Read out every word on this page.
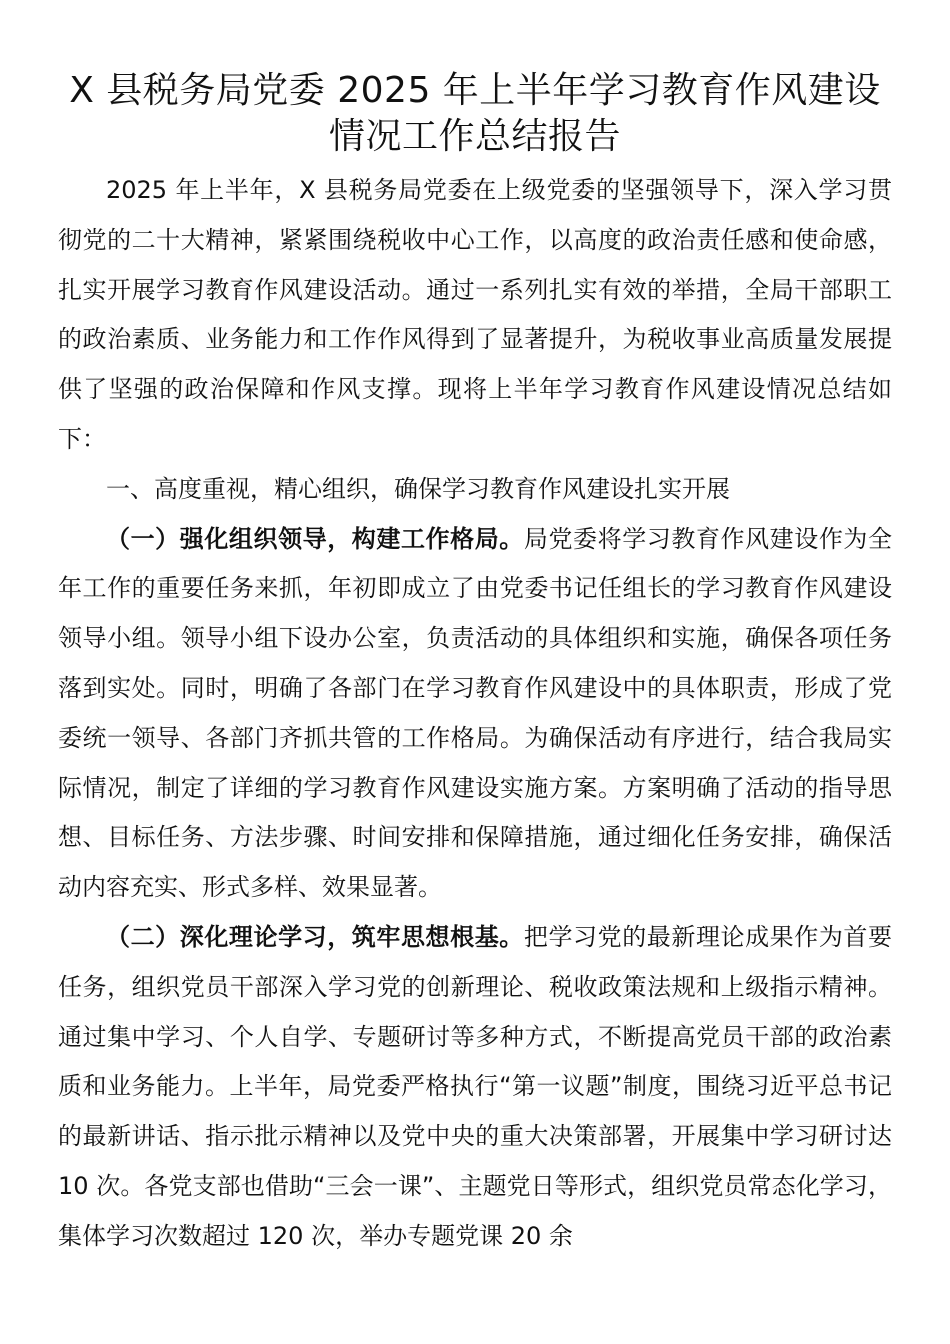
X 县税务局党委 2025 年上半年学习教育作风建设情况工作总结报告

2025 年上半年，X 县税务局党委在上级党委的坚强领导下，深入学习贯彻党的二十大精神，紧紧围绕税收中心工作，以高度的政治责任感和使命感，扎实开展学习教育作风建设活动。通过一系列扎实有效的举措，全局干部职工的政治素质、业务能力和工作作风得到了显著提升，为税收事业高质量发展提供了坚强的政治保障和作风支撑。现将上半年学习教育作风建设情况总结如下：

一、高度重视，精心组织，确保学习教育作风建设扎实开展

（一）强化组织领导，构建工作格局。局党委将学习教育作风建设作为全年工作的重要任务来抓，年初即成立了由党委书记任组长的学习教育作风建设领导小组。领导小组下设办公室，负责活动的具体组织和实施，确保各项任务落到实处。同时，明确了各部门在学习教育作风建设中的具体职责，形成了党委统一领导、各部门齐抓共管的工作格局。为确保活动有序进行，结合我局实际情况，制定了详细的学习教育作风建设实施方案。方案明确了活动的指导思想、目标任务、方法步骤、时间安排和保障措施，通过细化任务安排，确保活动内容充实、形式多样、效果显著。

（二）深化理论学习，筑牢思想根基。把学习党的最新理论成果作为首要任务，组织党员干部深入学习党的创新理论、税收政策法规和上级指示精神。通过集中学习、个人自学、专题研讨等多种方式，不断提高党员干部的政治素质和业务能力。上半年，局党委严格执行“第一议题”制度，围绕习近平总书记的最新讲话、指示批示精神以及党中央的重大决策部署，开展集中学习研讨达 10 次。各党支部也借助“三会一课”、主题党日等形式，组织党员常态化学习，集体学习次数超过 120 次，举办专题党课 20 余
